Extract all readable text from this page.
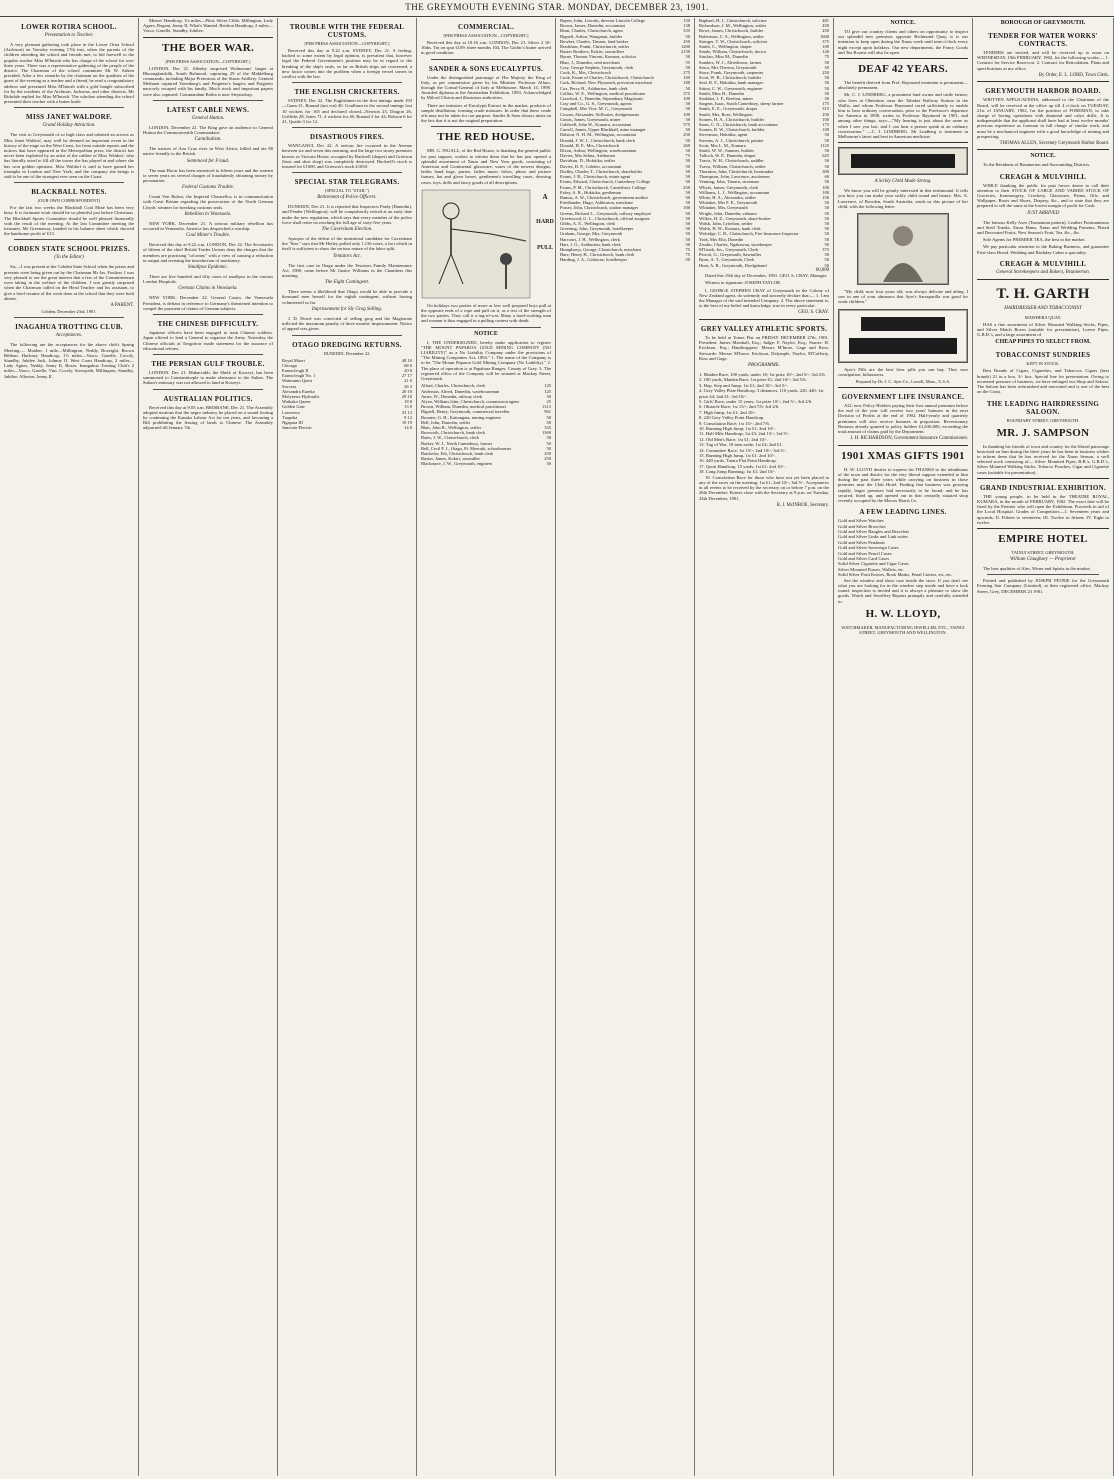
THE GREYMOUTH EVENING STAR. MONDAY, DECEMBER 23, 1901.
LOWER ROTIRA SCHOOL.
Presentation to Teacher.

A very pleasant gathering took place in the Lower Orira School (Atchison) on Tuesday evening 17th inst, when the parents of the children attending the school and friends met, to bid farewell to the popular teacher Miss M'Intosh who has charge of the school for over three years. There was a representative gathering of the people of the district. The Chairman of the school committee Mr W. Aitken presided. After a few remarks by the chairman on the qualities of the guest of the evening as a teacher and a friend, he read a congratulatory address and presented Miss M'Intosh with a gold bangle subscribed for by the residents of the Atchison, Jacksons, and other districts. Mr Ridsdale replied for Miss M'Intosh. The scholars attending the school presented their teacher with a butter knife.

MISS JANET WALDORF.
Grand Holiday Attraction.

The visit to Greymouth of so high-class and talented an actress as Miss Janet Waldorf, may well be deemed an important event in the history of the stage on the West Coast, for from outside reports and the notices that have appeared in the Metropolitan press, the district has never been exploited by an artist of the calibre of Miss Waldorf, who has literally acted to fill all the towns she has played at and where she has won golden opinions. Miss Waldorf is said to have gained her triumphs in London and New York, and the company she brings is said to be one of the strongest ever seen on the Coast.

BLACKBALL NOTES.
(OUR OWN CORRESPONDENT)

For the last two weeks the Blackball Coal Mine has been very busy. It is fortunate work should be so plentiful just before Christmas. The Blackball Sports Committee should be well pleased financially with the result of the meeting. At the last Committee meeting the treasurer, Mr Greenaway, handed in his balance sheet which showed the handsome profit of £13.

COBDEN STATE SCHOOL PRIZES.
(To the Editor)

Sir,—I was present at the Cobden State School when the prizes and presents were being given out by the Chairman Mr Jas. Foulton. I was very pleased to see the great interest that a few of the Committeemen were taking in the welfare of the children. I was greatly surprised when the Chairman called on the Head Teacher and his assistant, to give a brief resume of the work done at the school that they were both absent.

A PARENT.
Cobden, December 23rd, 1901.
INAGAHUA TROTTING CLUB.
Acceptances.

The following are the acceptances for the above club's Spring Meeting:— Maiden, 1 mile—Millington, Neddy, Boxeight, Brown Ribbon. Hackney Handicap, 1½ miles—Vasco, Gazelle, Cocoly, Standby, Jubilee Jack, Johnny II. West Coast Handicap, 2 miles—Lady Agnes, Neddy, Jenny II, Boxer. Inangahua Trotting Club's 2 miles—Vasco, Gazelle, Vini, Cocoly, Snowpeth, Millington, Standby, Jubilee, Allerton, Jenny II.

Miners' Handicap, 1¼ miles—Pilot, Silver Cliffe, Millington, Lady Agnes, Regent, Jenny II, What's Wanted. Reefton Handicap, 2 miles—Vasco, Gazelle, Standby, Jubilee.

THE BOER WAR.
[PER PRESS ASSOCIATION—COPYRIGHT.]

LONDON, Dec 21. Allenby surprised Wolmarans' laager at Bhoongkuisklik, South Balmoral, capturing 29 of the Middelburg commando, including Major Pretorious of the Staats Artillery. General Methuen captured Varenburg's and Potgieter's laagers and Potgieter narrowly escaped with his family. Much stock and important papers were also captured. Commandant Botha is near Steynsdorp.

LATEST CABLE NEWS.
General Hutton.

LONDON, December 22. The King gave an audience to General Hutton the Commonwealth Commandant.

Cannibalism.

The natives of Aoa Cruz river in West Africa, killed and ate 80 native friendly to the British.

Sentenced for Fraud.

The man Hocar has been sentenced to fifteen years and the women to seven years on several charges of fraudulently obtaining money by personation.

Federal Customs Trouble.

Count Von Bulow, the Imperial Chancellor, is in communication with Great Britain regarding the prosecution of the North German Lloyds' steamer for breaking customs seals.

Rebellion in Venezuela.

NEW YORK, December 21. A serious military rebellion has occurred in Venezuela. America has despatched a warship.

Coal Miner's Trouble.

Received this day at 9.22 a.m. LONDON, Dec 22. The Secretaries of fifteen of the chief British Trades Unions deny the charges that the members are practising "ca'canny" with a view of causing a reduction in output and resisting the introduction of machinery.

Smallpox Epidemic.

There are five hundred and fifty cases of smallpox in the various London Hospitals.

German Claims in Venezuela.

NEW YORK, December 22. General Castro, the Venezuela President, is defiant in reference to Germany's threatened intention to compel the payment of claims of German subjects.

THE CHINESE DIFFICULTY.

Japanese officers have been engaged to train Chinese soldiers. Japan offered to lend a General to organise the Army. Yesterday the Chinese officials at Tongchow made statement for the issuance of educational reform.

THE PERSIAN GULF TROUBLE.

LONDON, Dec 21. Mubarcakh, the Sheik of Koweyt, has been summoned to Constantinople to make obeisance to the Sultan. The Sultan's emissary was not allowed to land at Koweyt.

AUSTRALIAN POLITICS.

Received this day at 9.05 a.m. BRISBANE, Dec 21. The Assembly adopted motions that the negro industry be placed on a sound footing by continuing the Kanaka Labour Act for ten years, and favouring a Bill prohibiting the leasing of lands to Chinese. The Assembly adjourned till January 7th.

TROUBLE WITH THE FEDERAL CUSTOMS.
[PER PRESS ASSOCIATION—COPYRIGHT.]

Received this day at 9.22 a.m. SYDNEY, Dec 21. A feeling, backed to some extent by legal opinion, is prevalent that, however legal the Federal Government's position may be in regard to the breaking of the ship's seals, so far as British ships are concerned, a new factor comes into the problem when a foreign vessel comes in conflict with the law.

THE ENGLISH CRICKETERS.

SYDNEY, Dec 22. The Englishmen in the first innings made 193—Gunn 21, Braund (not out) 40. Goulburn in the second innings lost 10 wickets for 165 and declared closed—Newton 23, Dragon 26, Griffiths 28, Jones 71. 4 wickets for 46. Braund 3 for 44, Robson 6 for 41, Quaife 3 for 12.

DISASTROUS FIRES.

WANGANUI, Dec 22. A serious fire occurred in the Avenue between six and seven this morning, and the large two storey premises known as Victoria House, occupied by Buckrell (draper) and Grierson (boot and shoe shop) was completely destroyed. Buckrell's stock is insured for £1600, and Grierson's stock £1650.

SPECIAL STAR TELEGRAMS.
(SPECIAL TO "STAR.")
Retirement of Police Officers.

DUNEDIN, Dec 21. It is reported that Inspectors Pardy (Dunedin), and Pender (Wellington), will be compulsorily retired at an early date under the new regulation, which says that every member of the police force shall retire on reaching the full age of sixty-five years.

The Caversham Election.

Apropos of the defeat of the ministerial candidate for Caversham the "Star," says that Mr Hetley polled only 1,136 votes, a fact which in itself is sufficient to show the serious nature of the labor split.

Tentators Act.

The first case in Otago under the Testators Family Maintenance Act, 1900, came before Mr Justice Williams in the Chambers this morning.

The Eight Contingent.

There seems a likelihood that Otago would be able to provide a thousand men herself for the eighth contingent, without having volunteered so far.

Imprisonment for Sly Grog Selling.

J. D. Dowd was convicted of selling grog and the Magistrate inflicted the maximum penalty of three months' imprisonment. Notice of appeal was given.

OTAGO DREDGING RETURNS.
DUNEDIN, December 22.
Royal Maori	48 10
Chicago	68 6
Earnscleugh II	20 0
Earnscleugh No. 1	27 17
Waimumu Quest	21 0
Success	26 3
Alexandra Eureka	20 10
Molyneux Hydraulic	29 10
Waikaka Queen	18 8
Golden Gate	13 0
Lawrence	23 13
Tuapeka	9 12
Ngapara III	10 19
Junction Electric	14 0
COMMERCIAL.
[PER PRESS ASSOCIATION—COPYRIGHT.]

Received this day at 10.16 a.m. LONDON, Dec 21. Silver 2 10-16ths. Tin on spot £109; three months 104. The Gothic's butter arrived in good condition.

SANDER & SONS EUCALYPTUS.

Under the distinguished patronage of His Majesty the King of Italy, as per commission given by his Minister Professor Alfaro, through the Consul-General of Italy at Melbourne, March 14, 1898. Awarded diploma at the Amsterdam Exhibition, 1893. Acknowledged by Milord Cliston and illustrious authorities.

There are imitators of Eucalypti Extract in the market, products of sample distillation, forming crude mixtures. In order that these crude oils may not be taken for our purpose, Sander & Sons always insist on the fact that it is not the original preparation.

THE RED HOUSE.

MR. G. INGALL, of the Red House, is thanking the general public for past support, wishes to inform them that he has just opened a splendid assortment of Xmas and New Year goods, consisting of American and Continental glassware, vases of the newest designs, ladies hand bags, purses, ladies music folios, photo and picture frames, hat and glove boxes, gentlemen's travelling cases, dressing cases, toys, dolls and fancy goods of all descriptions.

A
HARD
PULL

On holidays two parties of more or less well prepared boys pull at the opposite ends of a rope and pull on it, as a test of the strength of the two parties. They call it a tug-of-war. Many a hard-working man and woman is thus engaged in a pulling contest with death.

NOTICE

I, THE UNDERSIGNED, hereby make application to register "THE MOUNT PAPAROA GOLD MINING COMPANY (NO LIABILITY)" as a No Liability Company under the provisions of "The Mining Companies Act, 1894." 1. The name of the Company is to be "The Mount Paparoa Gold Mining Company (No Liability)." 2. The place of operation is at Papahura Ranges, County of Grey. 3. The registered office of the Company will be situated at Mackay Street, Greymouth.

Allard, Charles, Christchurch, clerk	125
Anderson, Alfred, Dunedin, warehouseman	125
Ames, W., Dunedin, railway clerk	50
Alyeo, William John, Christchurch, commission agent	25
Brown, William, Dunedin, medical practitioner	1313
Bignell, Henry, Greymouth, commercial traveller	961
Broome, G. H., Kaitangata, mining engineer	50
Bell, John, Dunedin, settler	50
Blair, John R., Wellington, settler	335
Bosworth, Christchurch, bank clerk	1369
Bates, J. W., Christchurch, clerk	58
Barker, W. J., North Canterbury, farmer	50
Bell, Cecil F. J., Otago, Pt. Moeraki, schoolmaster	50
Batchelor, Edi, Christchurch, bank clerk	250
Baxter, James, Kokiri, sawmiller	250
Blackmore, J. W., Greymouth, engineer	50
Bayne, John, Lincoln, director Lincoln College	150
Brown, James, Dunedin, accountant	138
Bean, Charles, Christchurch, agent	335
Bignell, Arthur, Wanganui, builder	50
Bowker, Charles, Timaru, land broker	250
Bradshaw, Frank, Christchurch, settler	1200
Baxter Brothers, Kokiri, sawmillers	2150
Byrne, Thomas Vincent, Kumara, solicitor	50
Blair, J., Dunedin, seed merchant	55
Cray, George Stephen, Greymouth, clerk	50
Cook, K., Mrs, Christchurch	275
Cook, Estate of Charles, Christchurch, Christchurch	100
Cork, Richard, New Plymouth, provision merchant	188
Cox, Percy H., Ashburton, bank clerk	50
Collins, W. E., Wellington, medical practitioner	375
Crawford, J., Dunedin, Stipendiary Magistrate	100
Cray and Co., G. S., Greymouth, agents	50
Campbell, Mrs Viva. M. C., Greymouth	50
Cowan, Alexander, Stillwater, dredgemaster	100
Coutts, James, Greymouth, miner	50
Caldwell, John W., Kumara, accountant	575
Carroll, James, Upper Blackball, mine manager	50
Dalston, N. H. M., Wellington, accountant	250
Donald, J. W. J., Christchurch, bank clerk	50
Donald, H. F., Mrs, Christchurch	269
Dixon, Arthur, Wellington, warehouseman	50
Davies, Mrs Selina, Ashburton	75
Davidson, D., Hokitika, settler	50
Davies, D. P., Cobden, accountant	50
Dudley, Charles T., Christchurch, shareholder	50
Evans, J. R., Christchurch, estate agent	50
Evans, Edward, Christchurch, Canterbury College	50
Evans, P. M., Christchurch, Canterbury College	250
Exley, A. R., Hokitika, gentleman	50
Ramus, A. W., Christchurch, government auditor	50
Friedlander, Hugo, Ashburton, merchant	50
Fraser, John, Christchurch, station manager	100
Greens, Richard L., Greymouth, railway employee	50
Greenwood, G. L., Christchurch, official assignee	50
Gibbs, A. E., Wellington, clerk	50
Greening, John, Greymouth, hotelkeeper	50
Graham, George, Mrs, Greymouth	50
Harcourt, J. H., Wellington, clerk	50
Hart, J. G., Ashburton, bank clerk	50
Humphreys, George, Christchurch, merchant	75
Hare, Henry H., Christchurch, bank clerk	75
Harding, J. A., Gisborne, hotelkeeper	50
Raphael, H. J., Christchurch, solicitor	481
Richardson, J. M., Wellington, settler	450
Rowe, James, Christchurch, builder	250
Robertson, C. S., Wellington, settler	1600
Stringer, T. W., Christchurch, solicitor	375
Smith, C., Wellington, draper	100
Smale, William, Christchurch, doctor	126
Sinclair, Miss M., Dunedin	75
Sunders, W. J., Alfredtown, farmer	50
Staco, Mrs Theresa, Greymouth	50
Stace, Frank, Greymouth, carpenter	250
Scott, W. B., Christchurch, builder	50
Seal, R. F., Hokitika, bank manager	50
Sitton, C. W., Greymouth, engineer	50
Smith, Miss H., Dunedin	50
Stoddart, J. F., Reefton, miner	50
Sargent, Isaac, South Canterbury, sheep farmer	175
Smith, E. E., Greymouth, draper	315
Smith, Mrs, Rose, Wellington	250
Soanes, H. A., Christchurch, builder	100
Sams, C. N., Christchurch, bank accountant	175
Soanes, R. W., Christchurch, builder	100
Stevenson, Hokitika, agent	50
Stevens, A. J., Christchurch, painter	50
Scott, Mrs L. M., Kumara	1125
Smith, W. W., Sumner, builder	50
Tulloch, W. P., Dunedin, draper	625
Travis, W. H., Christchurch, saddler	50
Travis, William, Christchurch, settler	50
Thornton, John, Christchurch, bootmaker	300
Thompson, John, Lawrence, auctioneer	60
Venning, John, Timaru, storeman	50
Whyte, James, Greymouth, clerk	100
Williams, L. J., Wellington, accountant	100
White, H. A., Alexandra, settler	150
Whitaker, Mrs F. E., Greymouth	50
Whitaker, Mrs, Greymouth	50
Wright, John, Dunedin, valuator	50
Wilkes, H. Z., Greymouth, share-broker	50
Walsh, John, Lyttelton, settler	50
Walsh, H. W., Kumara, bank clerk	50
Wolridge, C. R., Christchurch, Fire Insurance Inspector	50
York, Mrs Ella, Dunedin	50
Zisaliu, Charles, Ngakawau, storekeeper	50
M'Grath, Jos., Greymouth, Clerk	375
Perrott, G., Greymouth, Sawmiller	50
Ryan, A. T., Greymouth, Clerk	50
Hunt, A. B., Greymouth, Dredgehand	50
60,000

Dated this 19th day of December, 1901. GEO. S. CRAY, Manager.

Witness to signature: JOSEPH TAYLOR.

I, GEORGE STEPHEN CRAY of Greymouth in the Colony of New Zealand agent, do solemnly and sincerely declare that:— 1. I am the Manager of the said intended Company. 2. The above statement is, to the best of my belief and knowledge, true in every particular.

GEO. S. CRAY.
GREY VALLEY ATHLETIC SPORTS.

To be held at Totara Flat on FRIDAY DECEMBER 27th, 1901. President: James Marshall, Esq.; Judge: F. Naylor, Esq.; Starter: H. Erickson, Esq.; Handicappers: Messrs M'Inroe, Gage and Ross; Stewards: Messrs M'Inroe, Erickson, Dalymple, Naylor, M'Cafferty, Ross and Gage.

PROGRAMME.
1. Maiden Race, 100 yards, under 18; 1st prize 10/-; 2nd 5/-; 3rd 2/6.
2. 100 yards, Maiden Race; 1st prize £1; 2nd 10/-; 3rd 5/6.
3. Hop, Step and Jump; 1st £1; 2nd 10/-; 3rd 5/-.
4. Grey Valley Plate Handicap, 3 distances, 110 yards, 220, 440; 1st prize £4; 2nd £1; 3rd 10/-.
5. Girls' Race, under 15 years; 1st prize 10/-; 2nd 5/-; 3rd 2/6.
6. Obstacle Race; 1st 15/-; 2nd 7/6; 3rd 2/6.
7. High Jump; 1st £1; 2nd 10/-.
8. 220 Grey Valley Point Handicap.
9. Consolation Race; 1st 15/-; 2nd 7/6.
10. Running High Jump; 1st £1; 2nd 10/-.
11. Half Mile Handicap; 1st £3; 2nd 15/-; 3rd 5/-.
12. Old Men's Race; 1st £1; 2nd 10/-.
13. Tug of War, 10 men aside; 1st £4; 2nd £1.
14. Committee Race; 1st 15/-; 2nd 10/-; 3rd 5/-.
15. Running High Jump, 1st £1; 2nd 10/-.
16. 440 yards, Totara Flat Point Handicap.
17. Quoit Handicap, 15 yards; 1st £1; 2nd 10/-.
18. Long Jump Running; 1st £1; 2nd 10/-.

19. Consolation Race for those who have not yet been placed in any of the races on the meeting; 1st £1; 2nd 10/-; 3rd 5/-. Acceptances in all events to be received by the secretary on or before 7 p.m. on the 26th December. Entries close with the Secretary at 9 p.m. on Tuesday, 24th December, 1901.

R. J. McINROE, Secretary.
NOTICE.

TO give our country clients and others an opportunity to inspect our splendid new premises opposite Richmond Quay, it is our intention to keep open during the Xmas week until nine o'clock every night except upon holidays. Our new departments, the Fancy Goods and Tea Rooms will also be open.

DEAF 42 YEARS.

The benefit derived from Prof. Raymond treatment is permanent—absolutely permanent.

Mr. C. J. LINDBERG, a prominent land owner and cattle farmer, who lives at Oberntine, near the Tabaker Railway Station in the Wallis, and whom Professor Raymond cured sufficiently to enable him to hear ordinary conversation, prior to the Professor's departure for America in 1898, writes to Professor Raymond in 1901, and among other things, says:—"My hearing is just about the same as when I saw you last, and I can hear a person speak at an ordinary conversation." —C. J. LINDBERG. Mr Lindberg is treatment in Melbourne's latest and best in American medicine.

A Sickly Child Made Strong.

We know you will be greatly interested in this testimonial. It tells you how you can make your sickly child round and hearty. Mrs. A. Lawrence, of Bowden, South Australia, sends us this picture of her child, with the following letter:

"My child, now four years old, was always delicate and ailing. I saw in one of your almanacs that Ayer's Sarsaparilla was good for weak children."

Ayer's Pills are the best liver pills you can buy. They cure constipation, biliousness.

Prepared by Dr. J. C. Ayer Co., Lowell, Mass., U.S.A.
GOVERNMENT LIFE INSURANCE.

ALL new Policy Holders paying their first annual premium before the end of the year will receive two years' bonuses in the next Division of Profits at the end of 1902. Half-yearly and quarterly premiums will also receive bonuses in proportion. Reversionary Bonuses already granted to policy holders £1,630,000, exceeding the total amount of claims paid by the Department.

J. H. RICHARDSON, Government Insurance Commissioner.
1901 XMAS GIFTS 1901

H. W. LLOYD desires to express his THANKS to the inhabitants of the town and district for the very liberal support extended to him during the past three years while carrying on business in those premises near the Club Hotel. Finding that business was growing rapidly, larger premises had necessarily to be found, and he has secured, fitted up, and opened out in that centrally situated shop recently occupied by the Messrs Harris Co.

A FEW LEADING LINES.
Gold and Silver Watches
Gold and Silver Brooches
Gold and Silver Bangles and Bracelets
Gold and Silver Links and Link suites
Gold and Silver Pendants
Gold and Silver Sovereign Cases
Gold and Silver Pencil Cases
Gold and Silver Card Cases
Solid Silver Cigarette and Cigar Cases
Silver Mounted Purses, Wallets, etc
Solid Silver Fruit Knives, Book Marks, Penal Cutters, etc, etc.

See the window and show case inside the store. If you don't see what you are looking for in the window step inside and have a look round; inspection is invited and it is always a pleasure to show the goods. Watch and Jewellery Repairs promptly and carefully attended to.

H. W. LLOYD,
WATCHMAKER, MANUFACTURING JEWELLER, ETC., TAINUI STREET, GREYMOUTH AND WELLINGTON.
BOROUGH OF GREYMOUTH.
TENDER FOR WATER WORKS' CONTRACTS.

TENDERS are invited, and will be received up to noon on WEDNESDAY, 19th FEBRUARY, 1902, for the following works:— 1. Contract for Service Reservoir. 2. Contract for Reticulation. Plans and specifications at my office.

By Order, E. L. LORD, Town Clerk.
GREYMOUTH HARBOR BOARD.

WRITTEN APPLICATIONS, addressed to the Chairman of the Board, will be received at the office up till 4 o'clock on TUESDAY, 21st of JANUARY, 1902, for the position of FOREMAN, to take charge of boring operations with diamond and calyx drills. It is indispensable that the applicant shall have had at least twelve months' previous experience as foreman in full charge of similar work, and must be a mechanical engineer with a good knowledge of mining and prospecting.

THOMAS ALLEN, Secretary Greymouth Harbor Board.
NOTICE.

To the Residents of Brunnerton and Surrounding Districts.

CREAGH & MULVIHILL

WHILE thanking the public for past favors desire to call their attention to their STOCK OF LARGE AND VARIED STOCK OF Groceries, Ironmongery, Crockery, Glassware, Paints, Oils, and Wallpaper, Boots and Shoes, Drapery, &c., and to state that they are prepared to sell the same at the lowest margin of profit for Cash.

JUST ARRIVED

The famous Kelly Axes (Tasmanian pattern), Leather Portmanteaux and Steel Trunks, Xmas Hams, Xmas and Wedding Presents, Plated and Decorated Fruits, New Season's Fruit, Tea, &c., &c.

Sole Agents for PREMIER TEA, the best in the market.

We pay particular attention to the Baking Business, and guarantee First-class Bread. Wedding and Birthday Cakes a speciality.

CREAGH & MULVIHILL
General Storekeepers and Bakers, Brunnerton.
T. H. GARTH
HAIRDRESSER AND TOBACCONIST
MAWHERA QUAY.

HAS a fine assortment of Silver Mounted Walking Sticks, Pipes, and Silver Match Boxes (suitable for presentation), Loewe Pipes, G.B.D.'s, and a large assortment of

CHEAP PIPES TO SELECT FROM.
TOBACCONIST SUNDRIES
KEPT IN STOCK.

Best Brands of Cigars, Cigarettes, and Tobaccos, Cigars (best brands) 21 in a box, 3/- box. Special line for presentation. Owing to increased pressure of business, we have enlarged our Shop and Saloon. The Saloon has been refurnished and renovated and is one of the best on the Coast.

THE LEADING HAIRDRESSING SALOON.
BOUNDARY STREET, GREYMOUTH.
MR. J. SAMPSON

In thanking his friends of town and country for the liberal patronage bestowed on him during the three years he has been in business wishes to inform them that he has received for the Xmas Season, a well selected stock consisting of— Silver Mounted Pipes, B.B.'s, G.B.D.'s, Silver Mounted Walking Sticks, Tobacco Pouches, Cigar and Cigarette cases (suitable for presentation).

GRAND INDUSTRIAL EXHIBITION.

THE young people, to be held in the THEATRE ROYAL, KUMARA, in the month of FEBRUARY, 1902. The exact date will be fixed by the Premier who will open the Exhibition. Proceeds in aid of the Local Hospital. Grades of Competitors—1. Seventeen years and upwards; II. Fifteen to seventeen; III. Twelve to fifteen; IV. Eight to twelve.

EMPIRE HOTEL
TAINUI STREET, GREYMOUTH.
William Claughsey — Proprietor

The best qualities of Ales, Wines and Spirits in the market.

Printed and published by JOSEPH PETRIE for the Greymouth Evening Star Company (Limited), at their registered office, Mackay Street, Grey, DECEMBER 23 1901.
